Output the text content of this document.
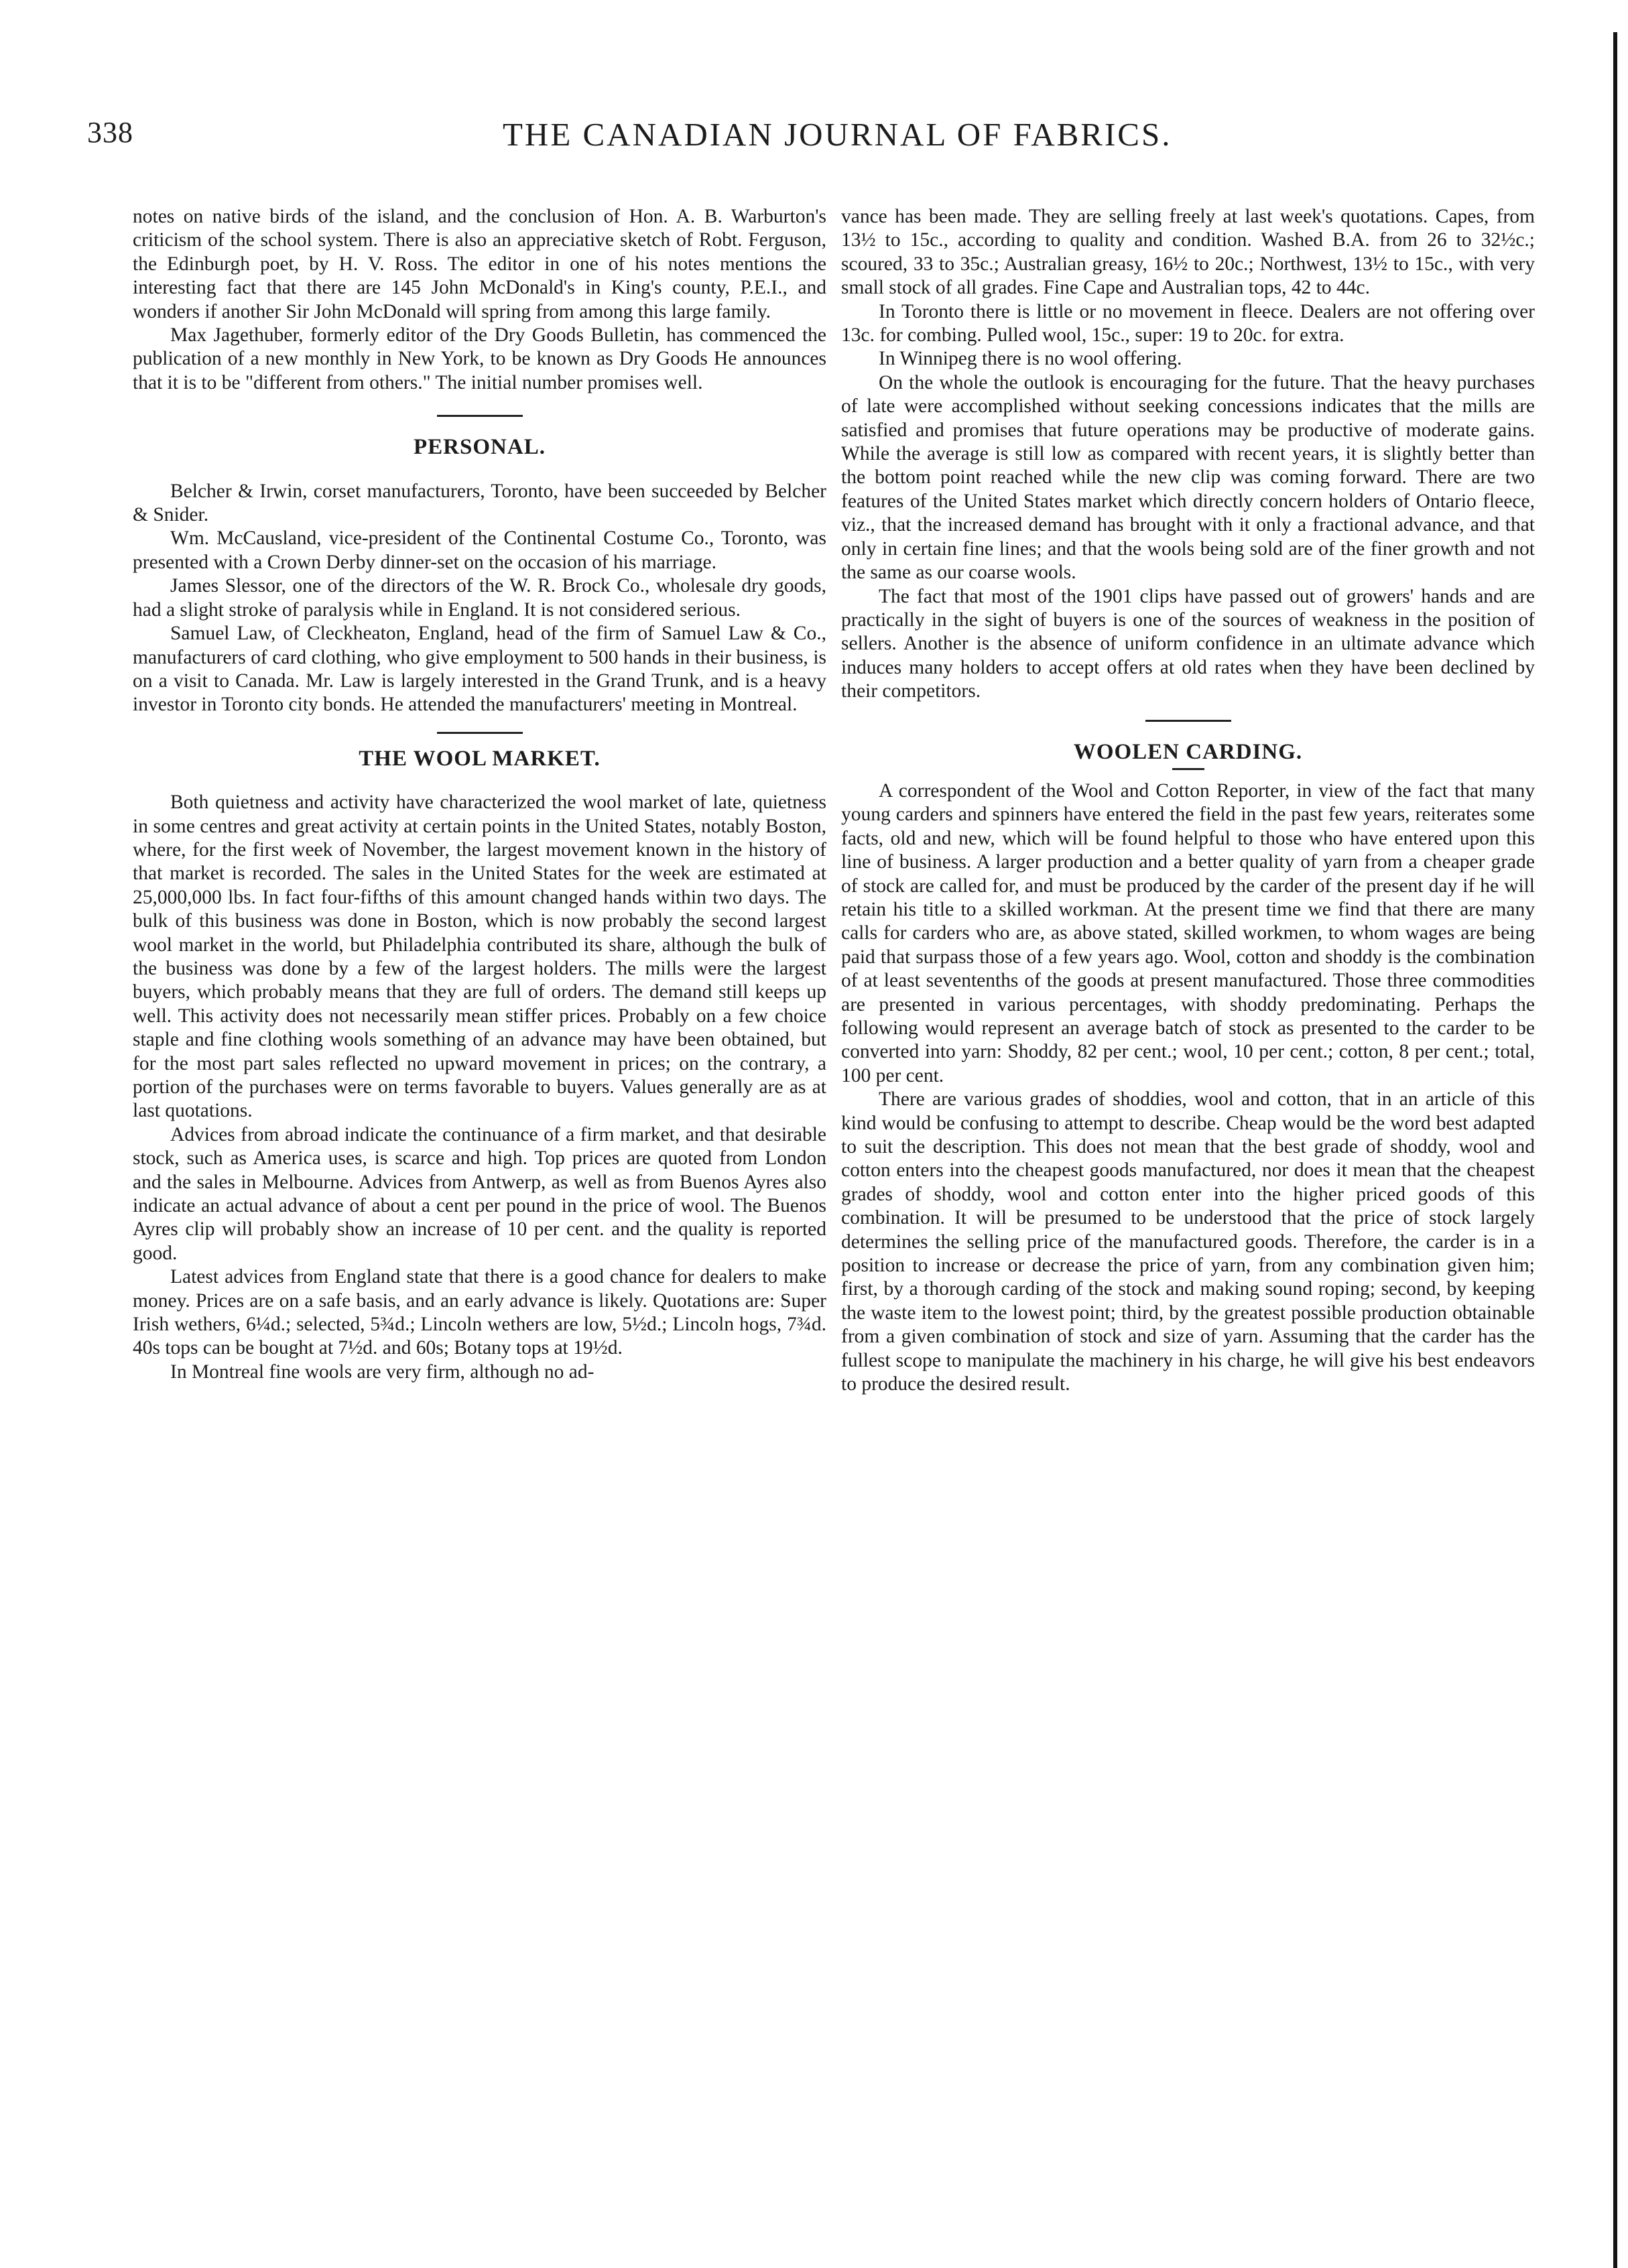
338	THE CANADIAN JOURNAL OF FABRICS.

notes on native birds of the island, and the conclusion of Hon. A. B. Warburton's criticism of the school system. There is also an appreciative sketch of Robt. Ferguson, the Edinburgh poet, by H. V. Ross. The editor in one of his notes mentions the interesting fact that there are 145 John McDonald's in King's county, P.E.I., and wonders if another Sir John McDonald will spring from among this large family.

Max Jagethuber, formerly editor of the Dry Goods Bulletin, has commenced the publication of a new monthly in New York, to be known as Dry Goods He announces that it is to be "different from others." The initial number promises well.

PERSONAL.

Belcher & Irwin, corset manufacturers, Toronto, have been succeeded by Belcher & Snider.

Wm. McCausland, vice-president of the Continental Costume Co., Toronto, was presented with a Crown Derby dinner-set on the occasion of his marriage.

James Slessor, one of the directors of the W. R. Brock Co., wholesale dry goods, had a slight stroke of paralysis while in England. It is not considered serious.

Samuel Law, of Cleckheaton, England, head of the firm of Samuel Law & Co., manufacturers of card clothing, who give employment to 500 hands in their business, is on a visit to Canada. Mr. Law is largely interested in the Grand Trunk, and is a heavy investor in Toronto city bonds. He attended the manufacturers' meeting in Montreal.

THE WOOL MARKET.

Both quietness and activity have characterized the wool market of late, quietness in some centres and great activity at certain points in the United States, notably Boston, where, for the first week of November, the largest movement known in the history of that market is recorded. The sales in the United States for the week are estimated at 25,000,000 lbs. In fact four-fifths of this amount changed hands within two days. The bulk of this business was done in Boston, which is now probably the second largest wool market in the world, but Philadelphia contributed its share, although the bulk of the business was done by a few of the largest holders. The mills were the largest buyers, which probably means that they are full of orders. The demand still keeps up well. This activity does not necessarily mean stiffer prices. Probably on a few choice staple and fine clothing wools something of an advance may have been obtained, but for the most part sales reflected no upward movement in prices; on the contrary, a portion of the purchases were on terms favorable to buyers. Values generally are as at last quotations.

Advices from abroad indicate the continuance of a firm market, and that desirable stock, such as America uses, is scarce and high. Top prices are quoted from London and the sales in Melbourne. Advices from Antwerp, as well as from Buenos Ayres also indicate an actual advance of about a cent per pound in the price of wool. The Buenos Ayres clip will probably show an increase of 10 per cent. and the quality is reported good.

Latest advices from England state that there is a good chance for dealers to make money. Prices are on a safe basis, and an early advance is likely. Quotations are: Super Irish wethers, 6¼d.; selected, 5¾d.; Lincoln wethers are low, 5½d.; Lincoln hogs, 7¾d. 40s tops can be bought at 7½d. and 60s; Botany tops at 19½d.

In Montreal fine wools are very firm, although no ad-

vance has been made. They are selling freely at last week's quotations. Capes, from 13½ to 15c., according to quality and condition. Washed B.A. from 26 to 32½c.; scoured, 33 to 35c.; Australian greasy, 16½ to 20c.; Northwest, 13½ to 15c., with very small stock of all grades. Fine Cape and Australian tops, 42 to 44c.

In Toronto there is little or no movement in fleece. Dealers are not offering over 13c. for combing. Pulled wool, 15c., super: 19 to 20c. for extra.

In Winnipeg there is no wool offering.

On the whole the outlook is encouraging for the future. That the heavy purchases of late were accomplished without seeking concessions indicates that the mills are satisfied and promises that future operations may be productive of moderate gains. While the average is still low as compared with recent years, it is slightly better than the bottom point reached while the new clip was coming forward. There are two features of the United States market which directly concern holders of Ontario fleece, viz., that the increased demand has brought with it only a fractional advance, and that only in certain fine lines; and that the wools being sold are of the finer growth and not the same as our coarse wools.

The fact that most of the 1901 clips have passed out of growers' hands and are practically in the sight of buyers is one of the sources of weakness in the position of sellers. Another is the absence of uniform confidence in an ultimate advance which induces many holders to accept offers at old rates when they have been declined by their competitors.

WOOLEN CARDING.

A correspondent of the Wool and Cotton Reporter, in view of the fact that many young carders and spinners have entered the field in the past few years, reiterates some facts, old and new, which will be found helpful to those who have entered upon this line of business. A larger production and a better quality of yarn from a cheaper grade of stock are called for, and must be produced by the carder of the present day if he will retain his title to a skilled workman. At the present time we find that there are many calls for carders who are, as above stated, skilled workmen, to whom wages are being paid that surpass those of a few years ago. Wool, cotton and shoddy is the combination of at least seventenths of the goods at present manufactured. Those three commodities are presented in various percentages, with shoddy predominating. Perhaps the following would represent an average batch of stock as presented to the carder to be converted into yarn: Shoddy, 82 per cent.; wool, 10 per cent.; cotton, 8 per cent.; total, 100 per cent.

There are various grades of shoddies, wool and cotton, that in an article of this kind would be confusing to attempt to describe. Cheap would be the word best adapted to suit the description. This does not mean that the best grade of shoddy, wool and cotton enters into the cheapest goods manufactured, nor does it mean that the cheapest grades of shoddy, wool and cotton enter into the higher priced goods of this combination. It will be presumed to be understood that the price of stock largely determines the selling price of the manufactured goods. Therefore, the carder is in a position to increase or decrease the price of yarn, from any combination given him; first, by a thorough carding of the stock and making sound roping; second, by keeping the waste item to the lowest point; third, by the greatest possible production obtainable from a given combination of stock and size of yarn. Assuming that the carder has the fullest scope to manipulate the machinery in his charge, he will give his best endeavors to produce the desired result.
